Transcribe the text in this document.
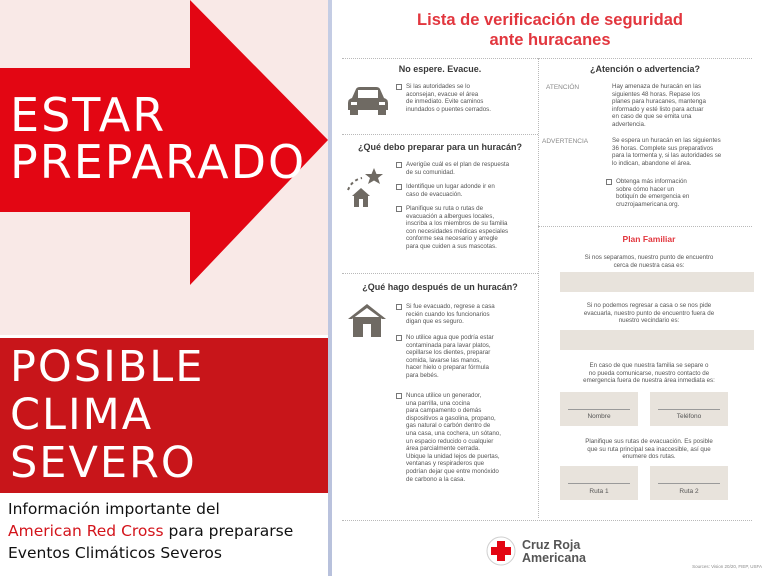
ESTAR
PREPARADO
POSIBLE
CLIMA
SEVERO
Información importante del
American Red Cross para prepararse
Eventos Climáticos Severos
Lista de verificación de seguridad
ante huracanes
No espere. Evacue.
Si las autoridades se lo
aconsejan, evacue el área
de inmediato. Evite caminos
inundados o puentes cerrados.
¿Qué debo preparar para un huracán?
Averigüe cuál es el plan de respuesta
de su comunidad.
Identifique un lugar adonde ir en
caso de evacuación.
Planifique su ruta o rutas de
evacuación a albergues locales,
inscriba a los miembros de su familia
con necesidades médicas especiales
conforme sea necesario y arregle
para que cuiden a sus mascotas.
¿Qué hago después de un huracán?
Si fue evacuado, regrese a casa
recién cuando los funcionarios
digan que es seguro.
No utilice agua que podría estar
contaminada para lavar platos,
cepillarse los dientes, preparar
comida, lavarse las manos,
hacer hielo o preparar fórmula
para bebés.
Nunca utilice un generador,
una parrilla, una cocina
para campamento o demás
dispositivos a gasolina, propano,
gas natural o carbón dentro de
una casa, una cochera, un sótano,
un espacio reducido o cualquier
área parcialmente cerrada.
Ubique la unidad lejos de puertas,
ventanas y respiraderos que
podrían dejar que entre monóxido
de carbono a la casa.
¿Atención o advertencia?
ATENCIÓN	Hay amenaza de huracán en las
siguientes 48 horas. Repase los
planes para huracanes, mantenga
informado y esté listo para actuar
en caso de que se emita una
advertencia.
ADVERTENCIA	Se espera un huracán en las siguientes
36 horas. Complete sus preparativos
para la tormenta y, si las autoridades se
lo indican, abandone el área.
Obtenga más información
sobre cómo hacer un
botiquín de emergencia en
cruzrojaamericana.org.
Plan Familiar
Si nos separamos, nuestro punto de encuentro
cerca de nuestra casa es:
Si no podemos regresar a casa o se nos pide
evacuarla, nuestro punto de encuentro fuera de
nuestro vecindario es:
En caso de que nuestra familia se separe o
no pueda comunicarse, nuestro contacto de
emergencia fuera de nuestra área inmediata es:
Nombre	Teléfono
Planifique sus rutas de evacuación. Es posible
que su ruta principal sea inaccesible, así que
enumere dos rutas.
Ruta 1	Ruta 2
Cruz Roja
Americana
Sources: Vision 20/20, FIEP, USFA
